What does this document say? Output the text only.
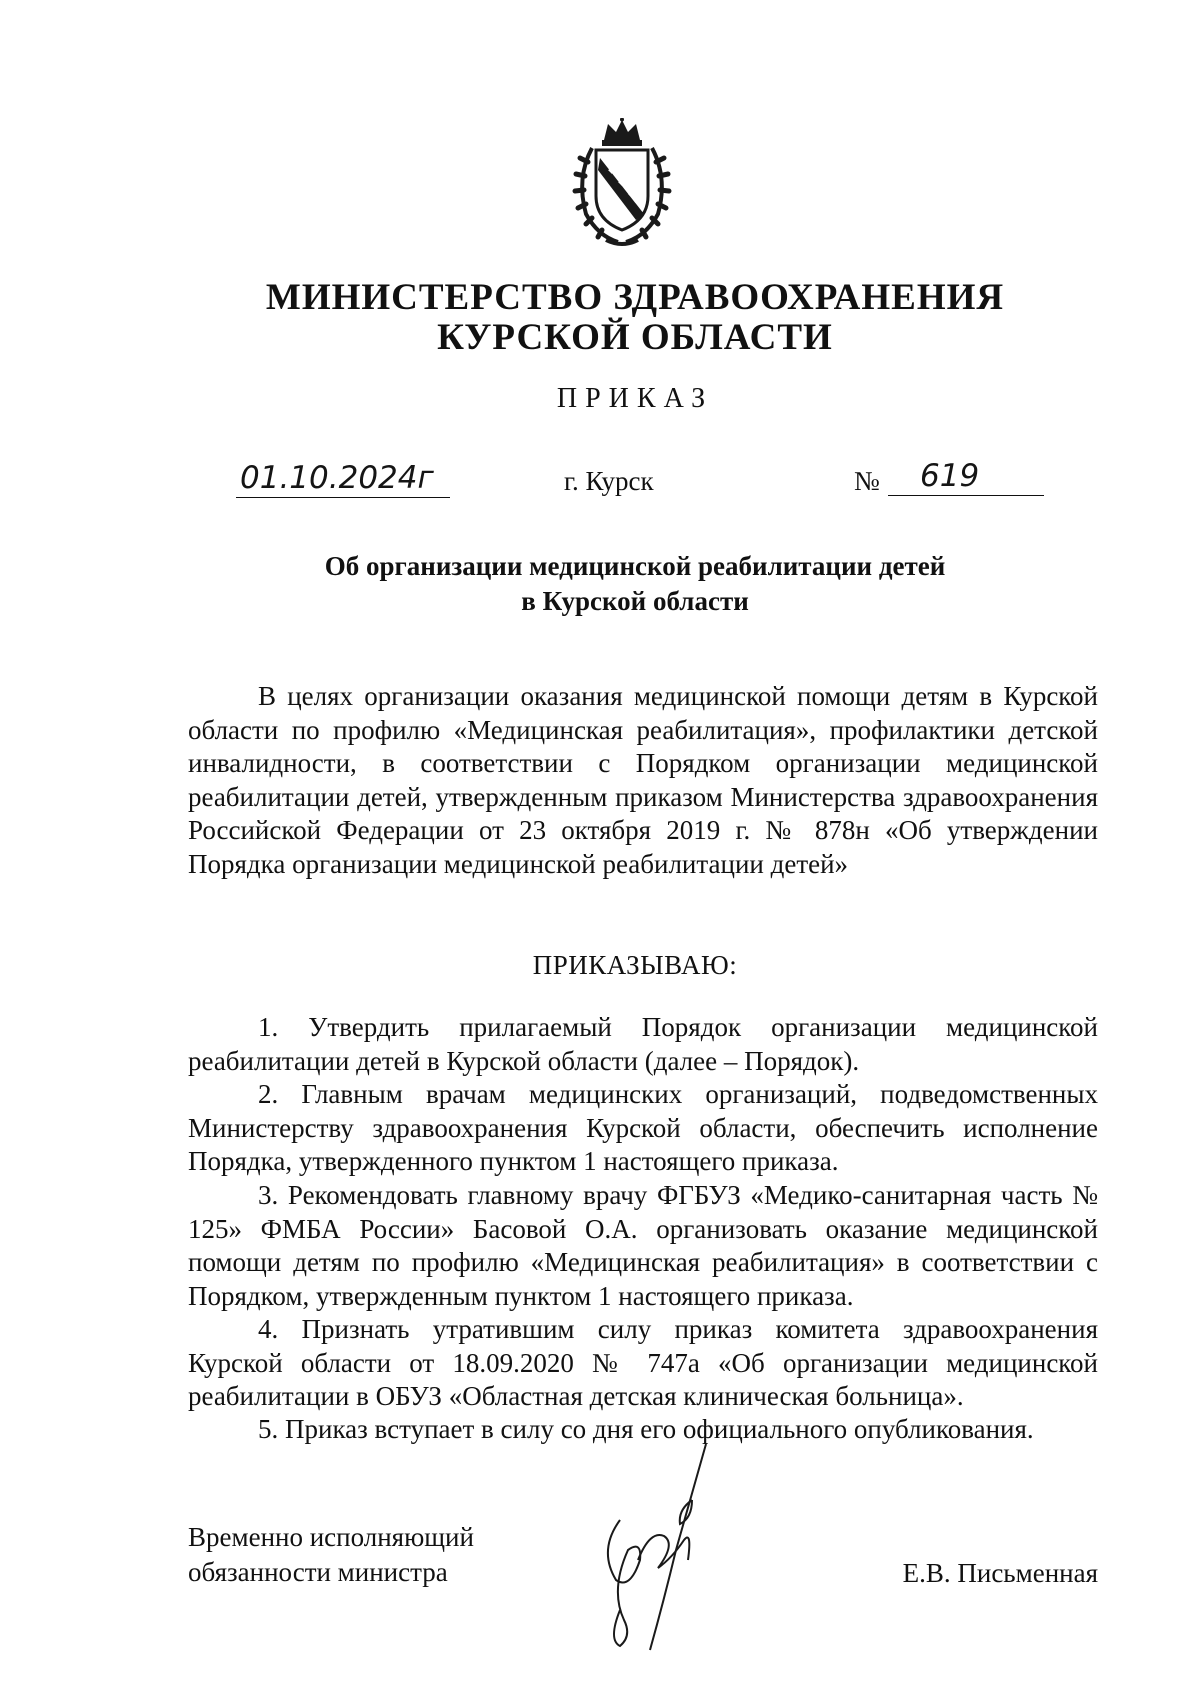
МИНИСТЕРСТВО ЗДРАВООХРАНЕНИЯ
КУРСКОЙ ОБЛАСТИ
ПРИКАЗ
01.10.2024г	г. Курск	№	619
Об организации медицинской реабилитации детей
в Курской области
В целях организации оказания медицинской помощи детям в Курской области по профилю «Медицинская реабилитация», профилактики детской инвалидности, в соответствии с Порядком организации медицинской реабилитации детей, утвержденным приказом Министерства здравоохранения Российской Федерации от 23 октября 2019 г. № 878н «Об утверждении Порядка организации медицинской реабилитации детей»
ПРИКАЗЫВАЮ:
1. Утвердить прилагаемый Порядок организации медицинской реабилитации детей в Курской области (далее – Порядок).
2. Главным врачам медицинских организаций, подведомственных Министерству здравоохранения Курской области, обеспечить исполнение Порядка, утвержденного пунктом 1 настоящего приказа.
3. Рекомендовать главному врачу ФГБУЗ «Медико-санитарная часть № 125» ФМБА России» Басовой О.А. организовать оказание медицинской помощи детям по профилю «Медицинская реабилитация» в соответствии с Порядком, утвержденным пунктом 1 настоящего приказа.
4. Признать утратившим силу приказ комитета здравоохранения Курской области от 18.09.2020 № 747а «Об организации медицинской реабилитации в ОБУЗ «Областная детская клиническая больница».
5. Приказ вступает в силу со дня его официального опубликования.
Временно исполняющий
обязанности министра	Е.В. Письменная
